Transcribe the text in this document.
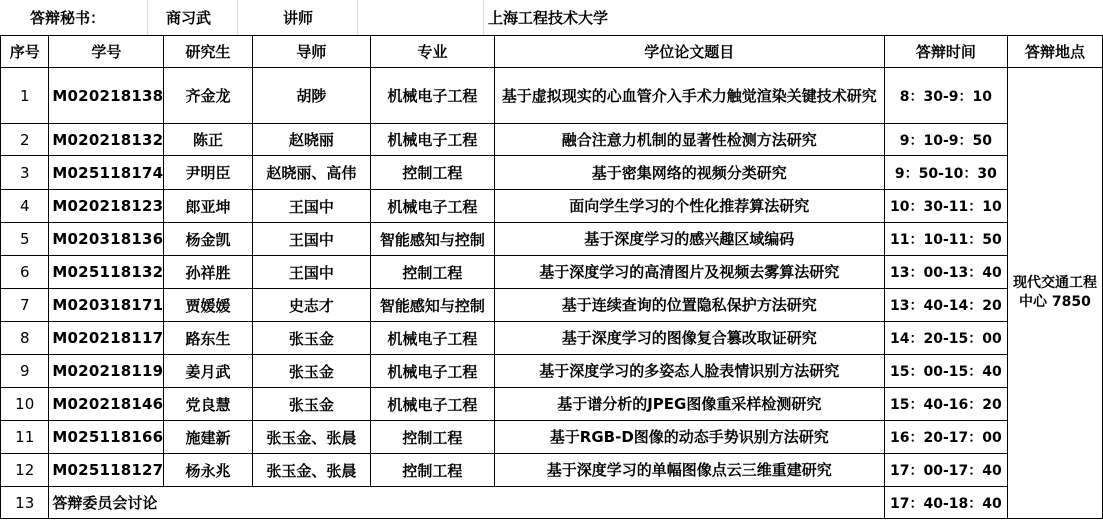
答辩秘书：	商习武	讲师	上海工程技术大学
序号	学号	研究生	导师	专业	学位论文题目	答辩时间	答辩地点
1	M020218138	齐金龙	胡陟	机械电子工程	基于虚拟现实的心血管介入手术力触觉渲染关键技术研究	8：30-9：10	现代交通工程中心 7850
2	M020218132	陈正	赵晓丽	机械电子工程	融合注意力机制的显著性检测方法研究	9：10-9：50	
3	M025118174	尹明臣	赵晓丽、高伟	控制工程	基于密集网络的视频分类研究	9：50-10：30	
4	M020218123	郎亚坤	王国中	机械电子工程	面向学生学习的个性化推荐算法研究	10：30-11：10	
5	M020318136	杨金凯	王国中	智能感知与控制	基于深度学习的感兴趣区域编码	11：10-11：50	
6	M025118132	孙祥胜	王国中	控制工程	基于深度学习的高清图片及视频去雾算法研究	13：00-13：40	
7	M020318171	贾媛媛	史志才	智能感知与控制	基于连续查询的位置隐私保护方法研究	13：40-14：20	
8	M020218117	路东生	张玉金	机械电子工程	基于深度学习的图像复合篡改取证研究	14：20-15：00	
9	M020218119	姜月武	张玉金	机械电子工程	基于深度学习的多姿态人脸表情识别方法研究	15：00-15：40	
10	M020218146	党良慧	张玉金	机械电子工程	基于谱分析的JPEG图像重采样检测研究	15：40-16：20	
11	M025118166	施建新	张玉金、张晨	控制工程	基于RGB-D图像的动态手势识别方法研究	16：20-17：00	
12	M025118127	杨永兆	张玉金、张晨	控制工程	基于深度学习的单幅图像点云三维重建研究	17：00-17：40	
13	答辩委员会讨论					17：40-18：40	
